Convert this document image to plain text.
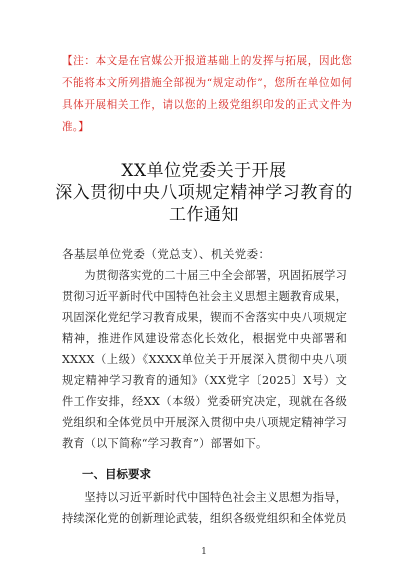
【注：本文是在官媒公开报道基础上的发挥与拓展，因此您不能将本文所列措施全部视为“规定动作”，您所在单位如何具体开展相关工作，请以您的上级党组织印发的正式文件为准。】
XX单位党委关于开展
深入贯彻中央八项规定精神学习教育的
工作通知
各基层单位党委（党总支）、机关党委：
为贯彻落实党的二十届三中全会部署，巩固拓展学习贯彻习近平新时代中国特色社会主义思想主题教育成果，巩固深化党纪学习教育成果，锲而不舍落实中央八项规定精神，推进作风建设常态化长效化，根据党中央部署和XXXX（上级）《XXXX单位关于开展深入贯彻中央八项规定精神学习教育的通知》（XX党字〔2025〕X号）文件工作安排，经XX（本级）党委研究决定，现就在各级党组织和全体党员中开展深入贯彻中央八项规定精神学习教育（以下简称“学习教育”）部署如下。
一、目标要求
坚持以习近平新时代中国特色社会主义思想为指导，持续深化党的创新理论武装，组织各级党组织和全体党员
1
